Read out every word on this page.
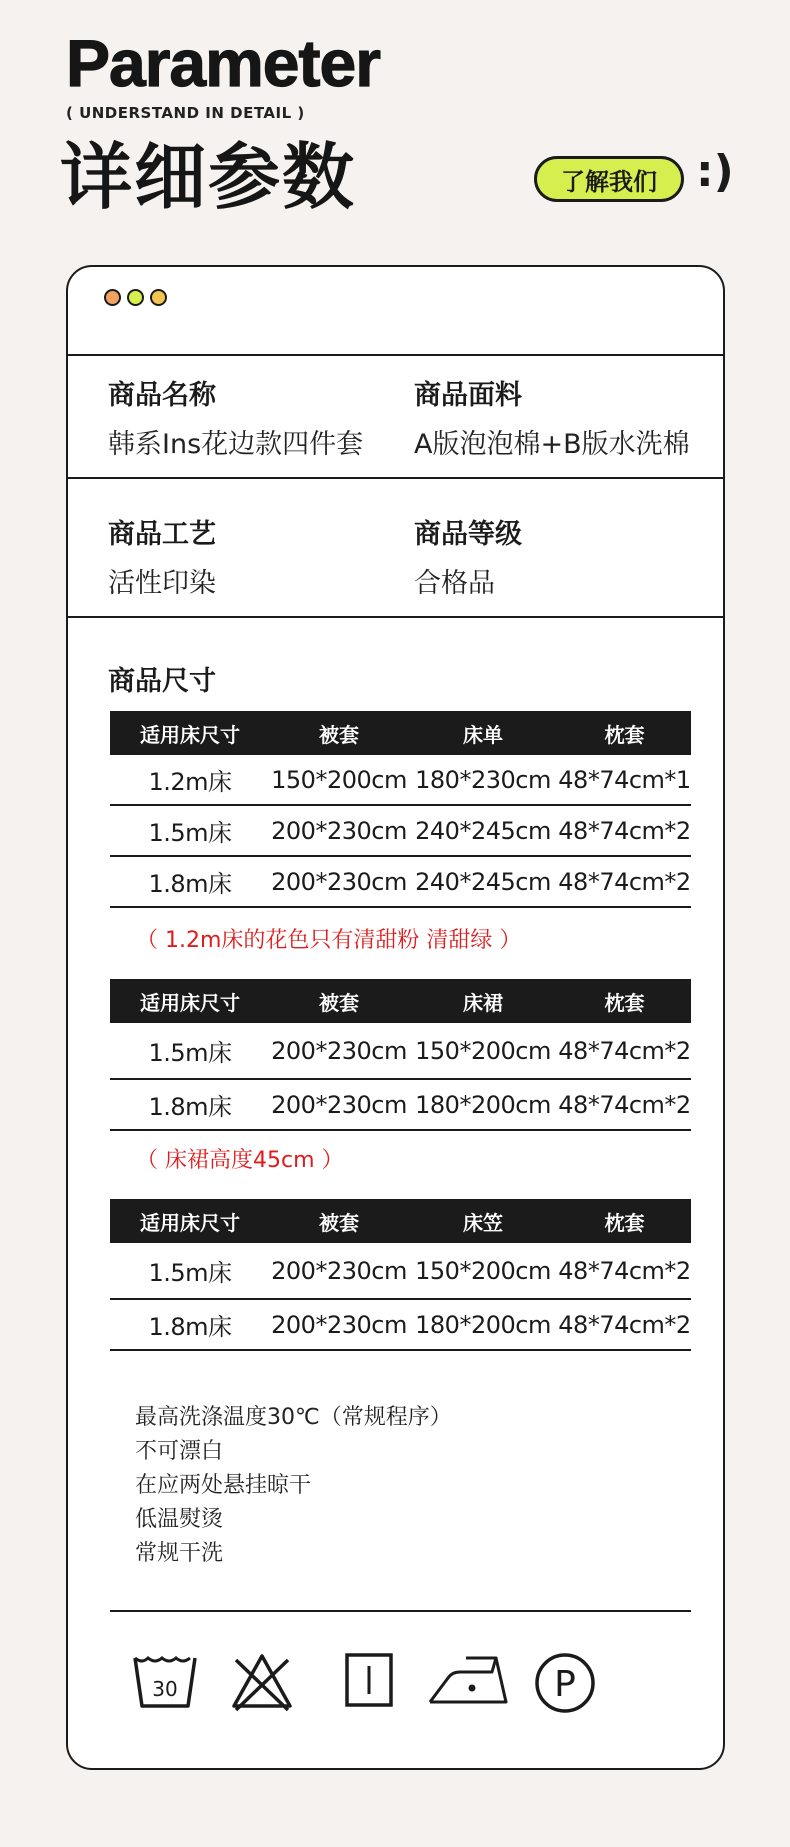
Parameter
( UNDERSTAND IN DETAIL )
详细参数	了解我们 :)
商品名称
韩系Ins花边款四件套
商品面料
A版泡泡棉+B版水洗棉
商品工艺
活性印染
商品等级
合格品
商品尺寸
适用床尺寸	被套	床单	枕套
1.2m床	150*200cm 180*230cm 48*74cm*1
1.5m床	200*230cm 240*245cm 48*74cm*2
1.8m床	200*230cm 240*245cm 48*74cm*2
（ 1.2m床的花色只有清甜粉 清甜绿 ）
适用床尺寸	被套	床裙	枕套
1.5m床	200*230cm 150*200cm 48*74cm*2
1.8m床	200*230cm 180*200cm 48*74cm*2
（ 床裙高度45cm ）
适用床尺寸	被套	床笠	枕套
1.5m床	200*230cm 150*200cm 48*74cm*2
1.8m床	200*230cm 180*200cm 48*74cm*2
最高洗涤温度30℃（常规程序）
不可漂白
在应两处悬挂晾干
低温熨烫
常规干洗
30	P
